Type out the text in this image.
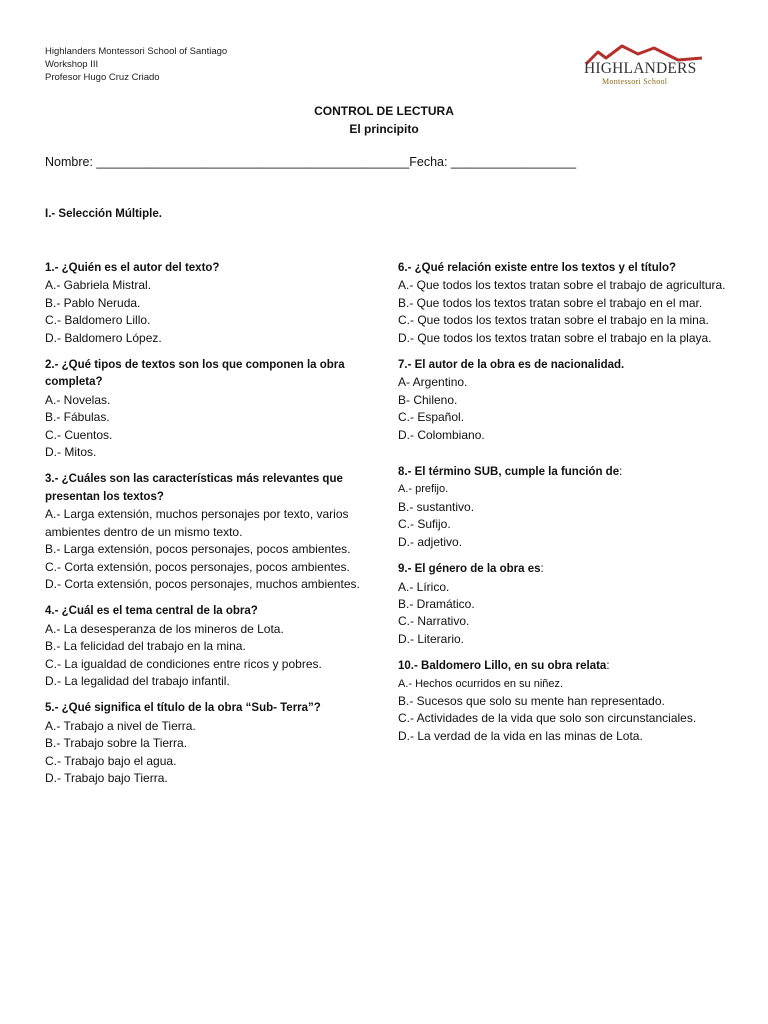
Highlanders Montessori School of Santiago
Workshop III
Profesor Hugo Cruz Criado
HIGHLANDERS
Montessori School
CONTROL DE LECTURA
El principito
Nombre: _____________________________________________Fecha: __________________
I.- Selección Múltiple.
1.- ¿Quién es el autor del texto?
A.- Gabriela Mistral.
B.- Pablo Neruda.
C.- Baldomero Lillo.
D.- Baldomero López.
2.- ¿Qué tipos de textos son los que componen la obra completa?
A.- Novelas.
B.- Fábulas.
C.- Cuentos.
D.- Mitos.
3.- ¿Cuáles son las características más relevantes que presentan los textos?
A.- Larga extensión, muchos personajes por texto, varios ambientes dentro de un mismo texto.
B.- Larga extensión, pocos personajes, pocos ambientes.
C.- Corta extensión, pocos personajes, pocos ambientes.
D.- Corta extensión, pocos personajes, muchos ambientes.
4.- ¿Cuál es el tema central de la obra?
A.- La desesperanza de los mineros de Lota.
B.- La felicidad del trabajo en la mina.
C.- La igualdad de condiciones entre ricos y pobres.
D.- La legalidad del trabajo infantil.
5.- ¿Qué significa el título de la obra “Sub- Terra”?
A.- Trabajo a nivel de Tierra.
B.- Trabajo sobre la Tierra.
C.- Trabajo bajo el agua.
D.- Trabajo bajo Tierra.
6.- ¿Qué relación existe entre los textos y el título?
A.- Que todos los textos tratan sobre el trabajo de agricultura.
B.- Que todos los textos tratan sobre el trabajo en el mar.
C.- Que todos los textos tratan sobre el trabajo en la mina.
D.- Que todos los textos tratan sobre el trabajo en la playa.
7.- El autor de la obra es de nacionalidad.
A- Argentino.
B- Chileno.
C.- Español.
D.- Colombiano.
8.- El término SUB, cumple la función de:
A.- prefijo.
B.- sustantivo.
C.- Sufijo.
D.- adjetivo.
9.- El género de la obra es:
A.- Lírico.
B.- Dramático.
C.- Narrativo.
D.- Literario.
10.- Baldomero Lillo, en su obra relata:
A.- Hechos ocurridos en su niñez.
B.- Sucesos que solo su mente han representado.
C.- Actividades de la vida que solo son circunstanciales.
D.- La verdad de la vida en las minas de Lota.
